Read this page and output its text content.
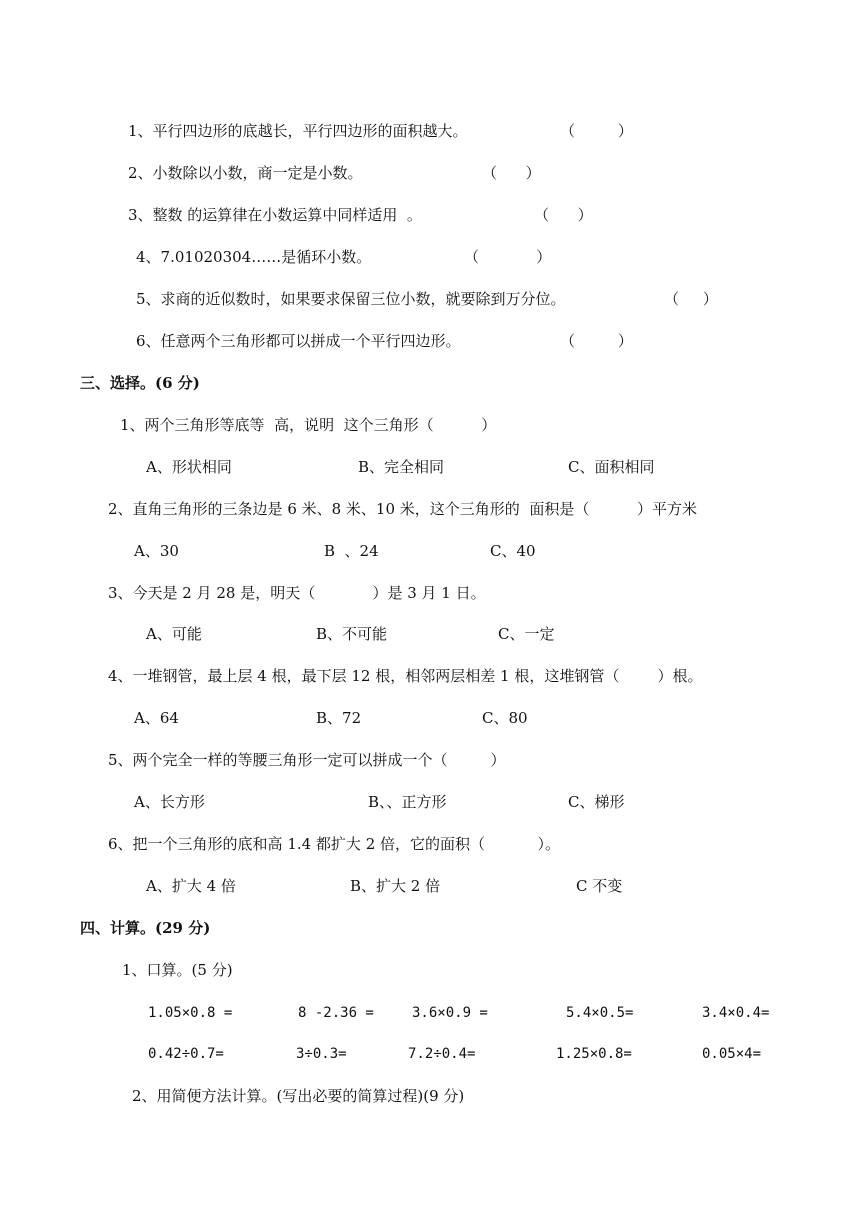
1、平行四边形的底越长，平行四边形的面积越大。	（         ）
2、小数除以小数，商一定是小数。	（      ）
3、整数 的运算律在小数运算中同样适用  。	（      ）
4、7.01020304……是循环小数。	（            ）
5、求商的近似数时，如果要求保留三位小数，就要除到万分位。	（     ）
6、任意两个三角形都可以拼成一个平行四边形。	（         ）
三、选择。(6 分)
1、两个三角形等底等  高，说明  这个三角形（          ）
A、形状相同	B、完全相同	C、面积相同
2、直角三角形的三条边是 6 米、8 米、10 米，这个三角形的  面积是（          ）平方米
A、30	B  、24	C、40
3、今天是 2 月 28 是，明天（            ）是 3 月 1 日。
A、可能	B、不可能	C、一定
4、一堆钢管，最上层 4 根，最下层 12 根，相邻两层相差 1 根，这堆钢管（        ）根。
A、64	B、72	C、80
5、两个完全一样的等腰三角形一定可以拼成一个（         ）
A、长方形	B、、正方形	C、梯形
6、把一个三角形的底和高 1.4 都扩大 2 倍，它的面积（           ）。
A、扩大 4 倍	B、扩大 2 倍	C 不变
四、计算。(29 分)
1、口算。(5 分)
1.05×0.8 =	8 -2.36 =	3.6×0.9 =	5.4×0.5=	3.4×0.4=
0.42÷0.7=	3÷0.3=	7.2÷0.4=	1.25×0.8=	0.05×4=
2、用简便方法计算。(写出必要的简算过程)(9 分)
